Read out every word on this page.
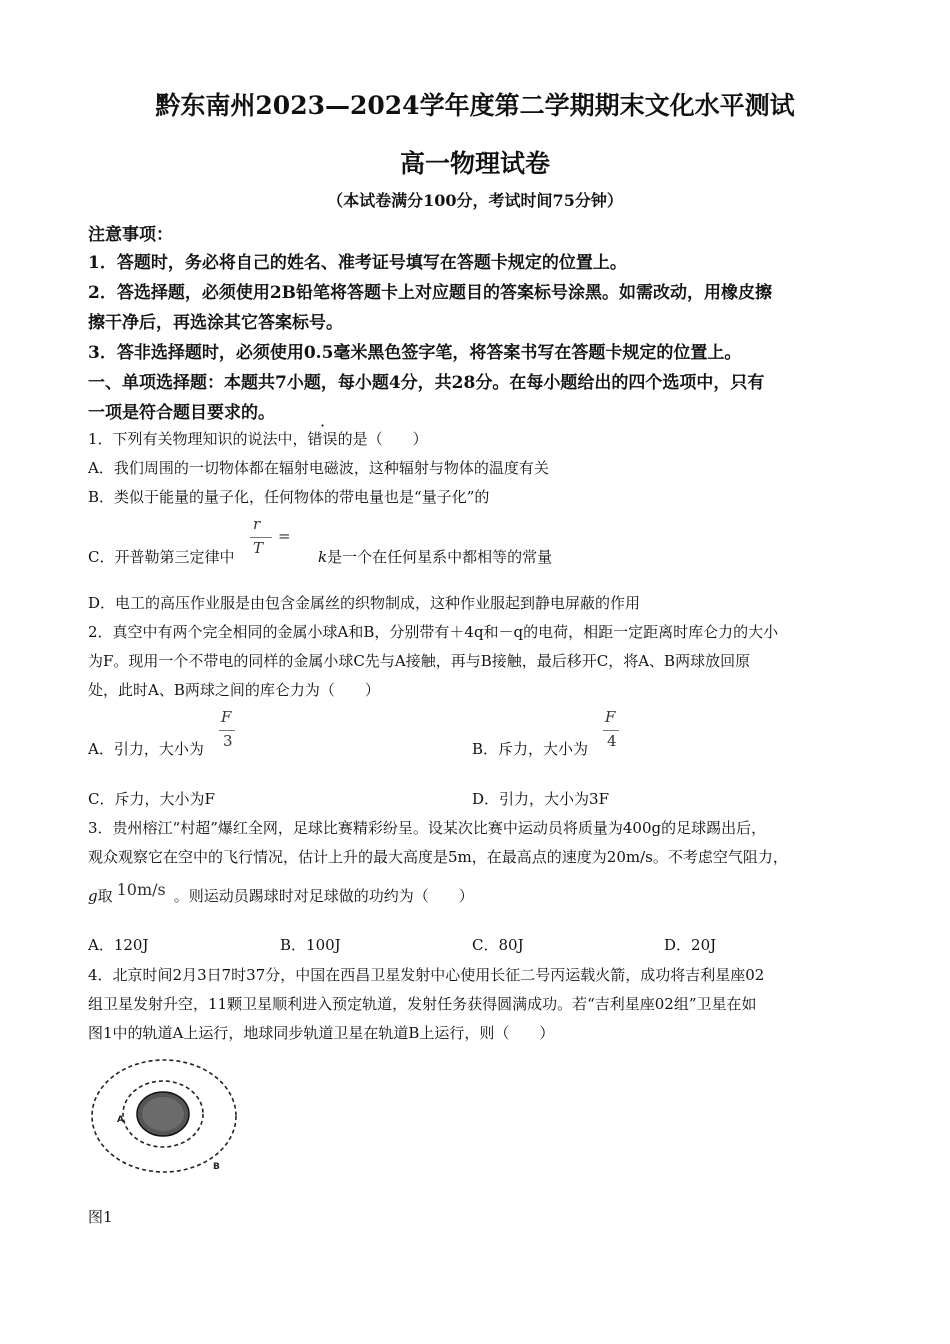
黔东南州2023—2024学年度第二学期期末文化水平测试
高一物理试卷
（本试卷满分100分，考试时间75分钟）
注意事项：
1．答题时，务必将自己的姓名、准考证号填写在答题卡规定的位置上。
2．答选择题，必须使用2B铅笔将答题卡上对应题目的答案标号涂黑。如需改动，用橡皮擦
擦干净后，再选涂其它答案标号。
3．答非选择题时，必须使用0.5毫米黑色签字笔，将答案书写在答题卡规定的位置上。
一、单项选择题：本题共7小题，每小题4分，共28分。在每小题给出的四个选项中，只有
一项是符合题目要求的。
1．下列有关物理知识的说法中，错误的是（　　）
A．我们周围的一切物体都在辐射电磁波，这种辐射与物体的温度有关
B．类似于能量的量子化，任何物体的带电量也是“量子化”的
C．开普勒第三定律中
r
T
=
k是一个在任何星系中都相等的常量
D．电工的高压作业服是由包含金属丝的织物制成，这种作业服起到静电屏蔽的作用
2．真空中有两个完全相同的金属小球A和B，分别带有＋4q和－q的电荷，相距一定距离时库仑力的大小
为F。现用一个不带电的同样的金属小球C先与A接触，再与B接触，最后移开C，将A、B两球放回原
处，此时A、B两球之间的库仑力为（　　）
A．引力，大小为
F
3	B．斥力，大小为
F
4
C．斥力，大小为F	D．引力，大小为3F
3．贵州榕江“村超”爆红全网，足球比赛精彩纷呈。设某次比赛中运动员将质量为400g的足球踢出后，
观众观察它在空中的飞行情况，估计上升的最大高度是5m，在最高点的速度为20m/s。不考虑空气阻力，
g取 10m/s 。则运动员踢球时对足球做的功约为（　　）
A．120J	B．100J	C．80J	D．20J
4．北京时间2月3日7时37分，中国在西昌卫星发射中心使用长征二号丙运载火箭，成功将吉利星座02
组卫星发射升空，11颗卫星顺利进入预定轨道，发射任务获得圆满成功。若“吉利星座02组”卫星在如
图1中的轨道A上运行，地球同步轨道卫星在轨道B上运行，则（　　）
A
B
图1
